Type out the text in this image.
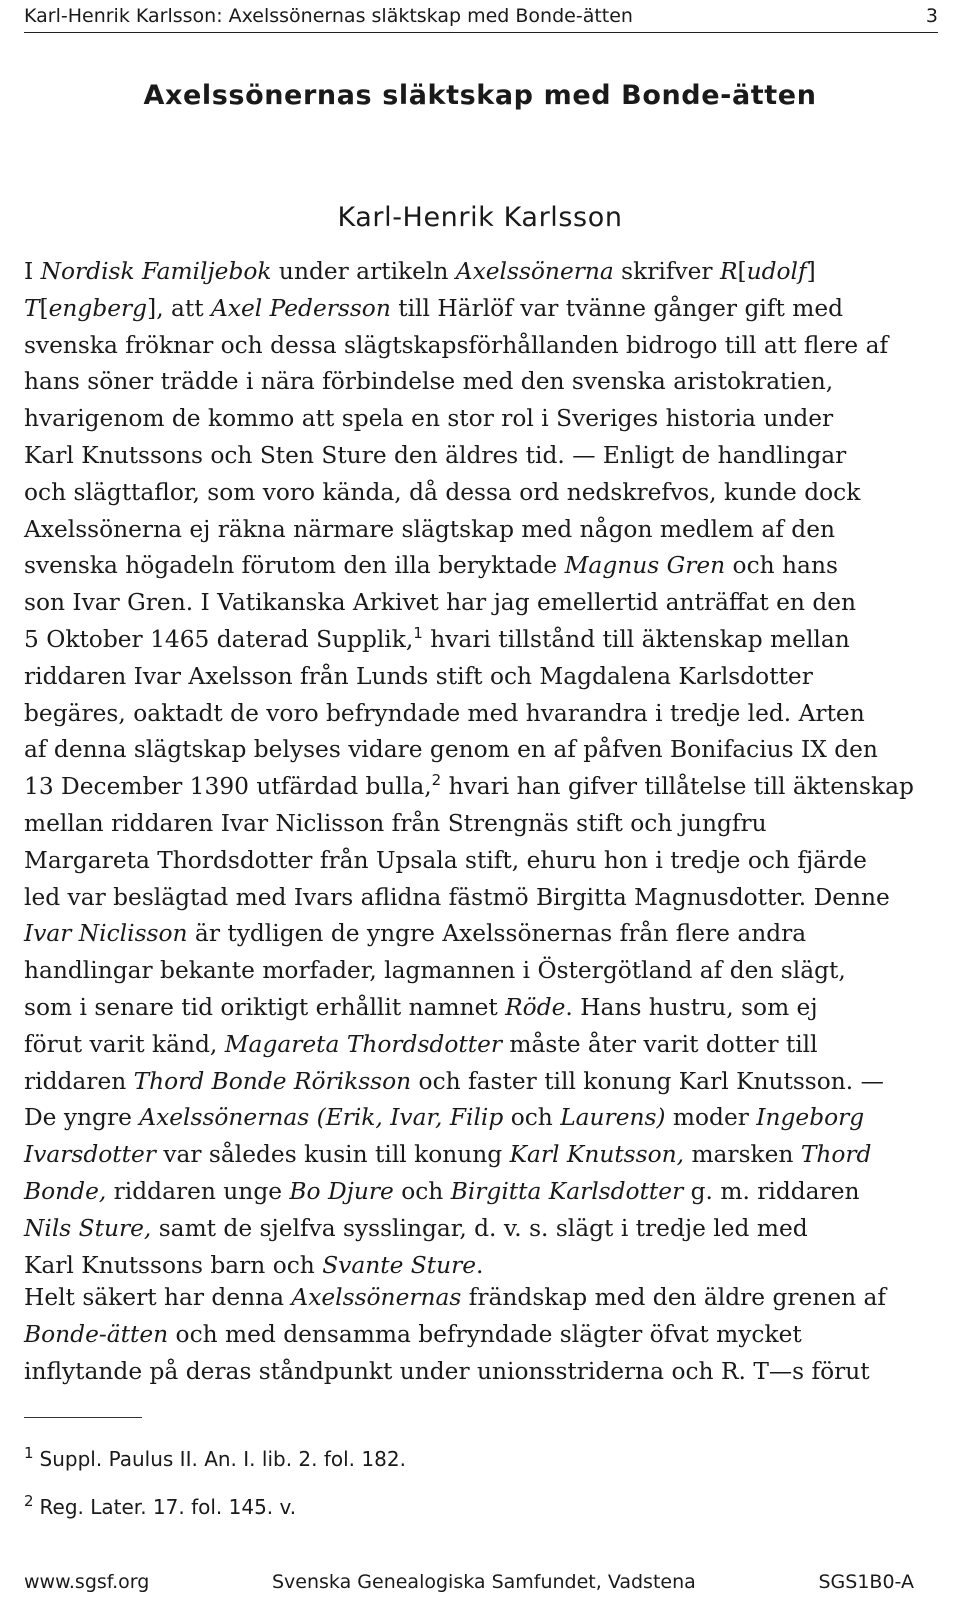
Karl-Henrik Karlsson: Axelssönernas släktskap med Bonde-ätten	3
Axelssönernas släktskap med Bonde-ätten
Karl-Henrik Karlsson
I Nordisk Familjebok under artikeln Axelssönerna skrifver R[udolf]
T[engberg], att Axel Pedersson till Härlöf var tvänne gånger gift med
svenska fröknar och dessa slägtskapsförhållanden bidrogo till att flere af
hans söner trädde i nära förbindelse med den svenska aristokratien,
hvarigenom de kommo att spela en stor rol i Sveriges historia under
Karl Knutssons och Sten Sture den äldres tid. — Enligt de handlingar
och slägttaflor, som voro kända, då dessa ord nedskrefvos, kunde dock
Axelssönerna ej räkna närmare slägtskap med någon medlem af den
svenska högadeln förutom den illa beryktade Magnus Gren och hans
son Ivar Gren. I Vatikanska Arkivet har jag emellertid anträffat en den
5 Oktober 1465 daterad Supplik,$^1$ hvari tillstånd till äktenskap mellan
riddaren Ivar Axelsson från Lunds stift och Magdalena Karlsdotter
begäres, oaktadt de voro befryndade med hvarandra i tredje led. Arten
af denna slägtskap belyses vidare genom en af påfven Bonifacius IX den
13 December 1390 utfärdad bulla,$^2$ hvari han gifver tillåtelse till äktenskap
mellan riddaren Ivar Niclisson från Strengnäs stift och jungfru
Margareta Thordsdotter från Upsala stift, ehuru hon i tredje och fjärde
led var beslägtad med Ivars aflidna fästmö Birgitta Magnusdotter. Denne
Ivar Niclisson är tydligen de yngre Axelssönernas från flere andra
handlingar bekante morfader, lagmannen i Östergötland af den slägt,
som i senare tid oriktigt erhållit namnet Röde. Hans hustru, som ej
förut varit känd, Magareta Thordsdotter måste åter varit dotter till
riddaren Thord Bonde Röriksson och faster till konung Karl Knutsson. —
De yngre Axelssönernas (Erik, Ivar, Filip och Laurens) moder Ingeborg
Ivarsdotter var således kusin till konung Karl Knutsson, marsken Thord
Bonde, riddaren unge Bo Djure och Birgitta Karlsdotter g. m. riddaren
Nils Sture, samt de sjelfva sysslingar, d. v. s. slägt i tredje led med
Karl Knutssons barn och Svante Sture.
Helt säkert har denna Axelssönernas frändskap med den äldre grenen af
Bonde-ätten och med densamma befryndade slägter öfvat mycket
inflytande på deras ståndpunkt under unionsstriderna och R. T—s förut
$^1$ Suppl. Paulus II. An. I. lib. 2. fol. 182.
$^2$ Reg. Later. 17. fol. 145. v.
www.sgsf.org	Svenska Genealogiska Samfundet, Vadstena	SGS1B0-A
